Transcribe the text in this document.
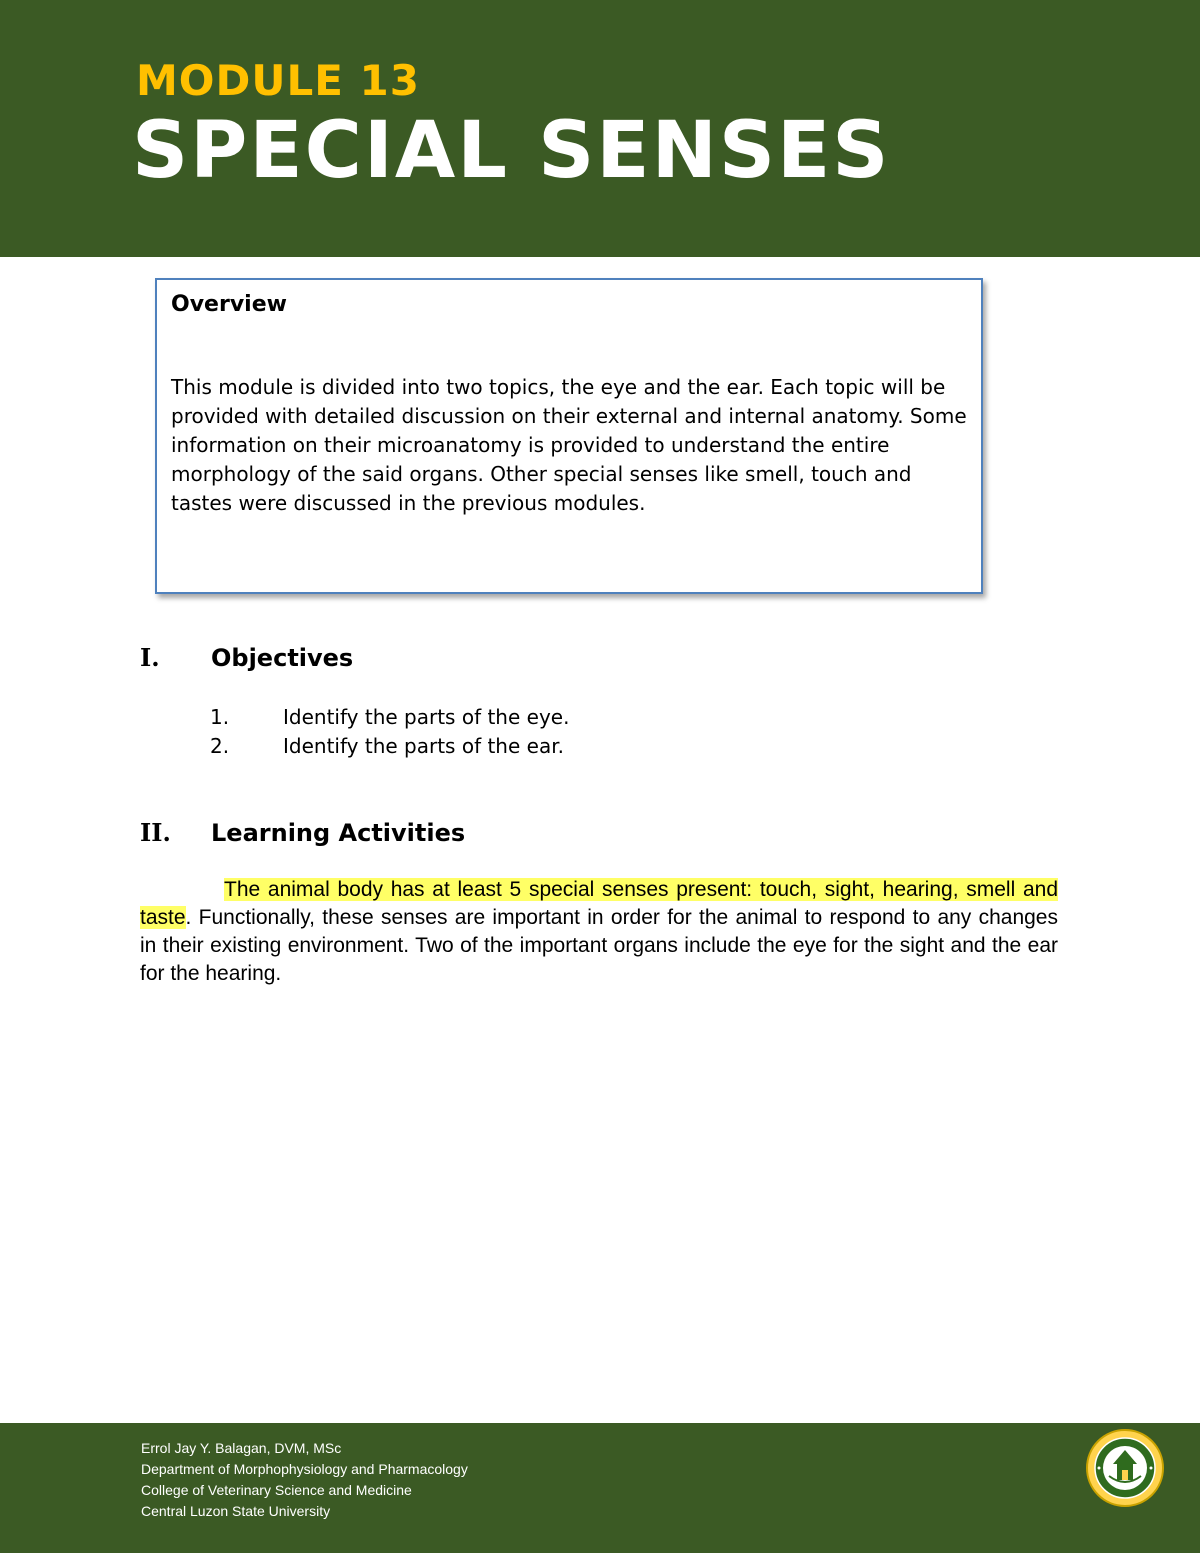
MODULE 13
SPECIAL SENSES
Overview

This module is divided into two topics, the eye and the ear. Each topic will be provided with detailed discussion on their external and internal anatomy. Some information on their microanatomy is provided to understand the entire morphology of the said organs. Other special senses like smell, touch and tastes were discussed in the previous modules.

I. Objectives
1.	Identify the parts of the eye.
2.	Identify the parts of the ear.
II. Learning Activities

The animal body has at least 5 special senses present: touch, sight, hearing, smell and taste. Functionally, these senses are important in order for the animal to respond to any changes in their existing environment. Two of the important organs include the eye for the sight and the ear for the hearing.

Errol Jay Y. Balagan, DVM, MSc
Department of Morphophysiology and Pharmacology
College of Veterinary Science and Medicine
Central Luzon State University
